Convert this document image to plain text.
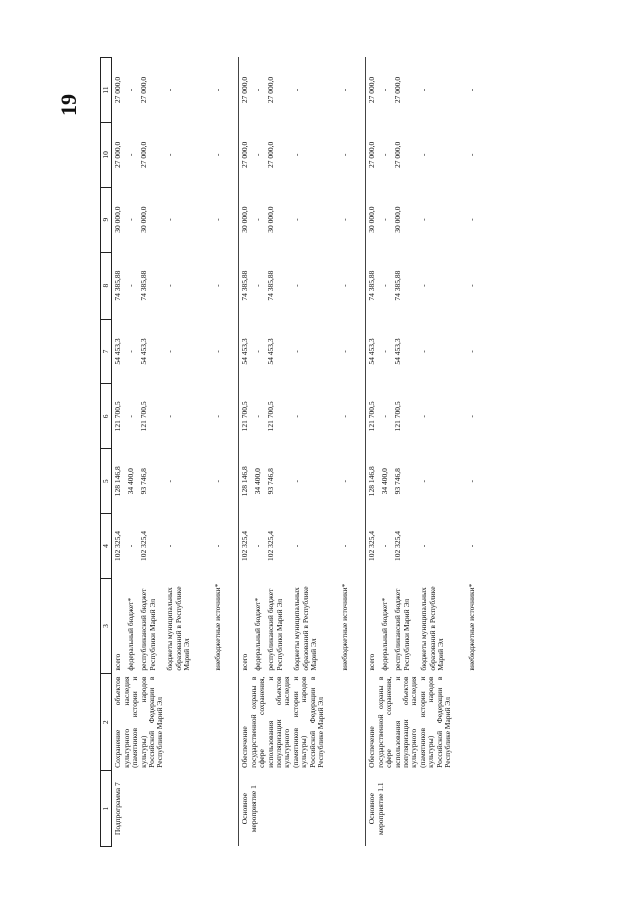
19
1	2	3	4	5	6	7	8	9	10	11
Подпрограмма 7	Сохранение объектов культурного наследия (памятников истории и культуры) народов Российской Федерации в Республике Марий Эл	всего	102 325,4	128 146,8	121 700,5	54 453,3	74 385,88	30 000,0	27 000,0	27 000,0
		федеральный бюджет*	-	34 400,0	-	-	-	-	-	-
		республиканский бюджет Республики Марий Эл	102 325,4	93 746,8	121 700,5	54 453,3	74 385,88	30 000,0	27 000,0	27 000,0
		бюджеты муниципальных образований в Республике Марий Эл	-	-	-	-	-	-	-	-
		внебюджетные источники*	-	-	-	-	-	-	-	-
Основное мероприятие 1	Обеспечение государственной охраны в сфере сохранения, использования и популяризации объектов культурного наследия (памятников истории и культуры) народов Российской Федерации в Республике Марий Эл	всего	102 325,4	128 146,8	121 700,5	54 453,3	74 385,88	30 000,0	27 000,0	27 000,0
		федеральный бюджет*	-	34 400,0	-	-	-	-	-	-
		республиканский бюджет Республики Марий Эл	102 325,4	93 746,8	121 700,5	54 453,3	74 385,88	30 000,0	27 000,0	27 000,0
		бюджеты муниципальных образований в Республике Марий Эл	-	-	-	-	-	-	-	-
		внебюджетные источники*	-	-	-	-	-	-	-	-
Основное мероприятие 1.1	Обеспечение государственной охраны в сфере сохранения, использования и популяризации объектов культурного наследия (памятников истории и культуры) народов Российской Федерации в Республике Марий Эл	всего	102 325,4	128 146,8	121 700,5	54 453,3	74 385,88	30 000,0	27 000,0	27 000,0
		федеральный бюджет*	-	34 400,0	-	-	-	-	-	-
		республиканский бюджет Республики Марий Эл	102 325,4	93 746,8	121 700,5	54 453,3	74 385,88	30 000,0	27 000,0	27 000,0
		бюджеты муниципальных образований в Республике Марий Эл	-	-	-	-	-	-	-	-
		внебюджетные источники*	-	-	-	-	-	-	-	-
